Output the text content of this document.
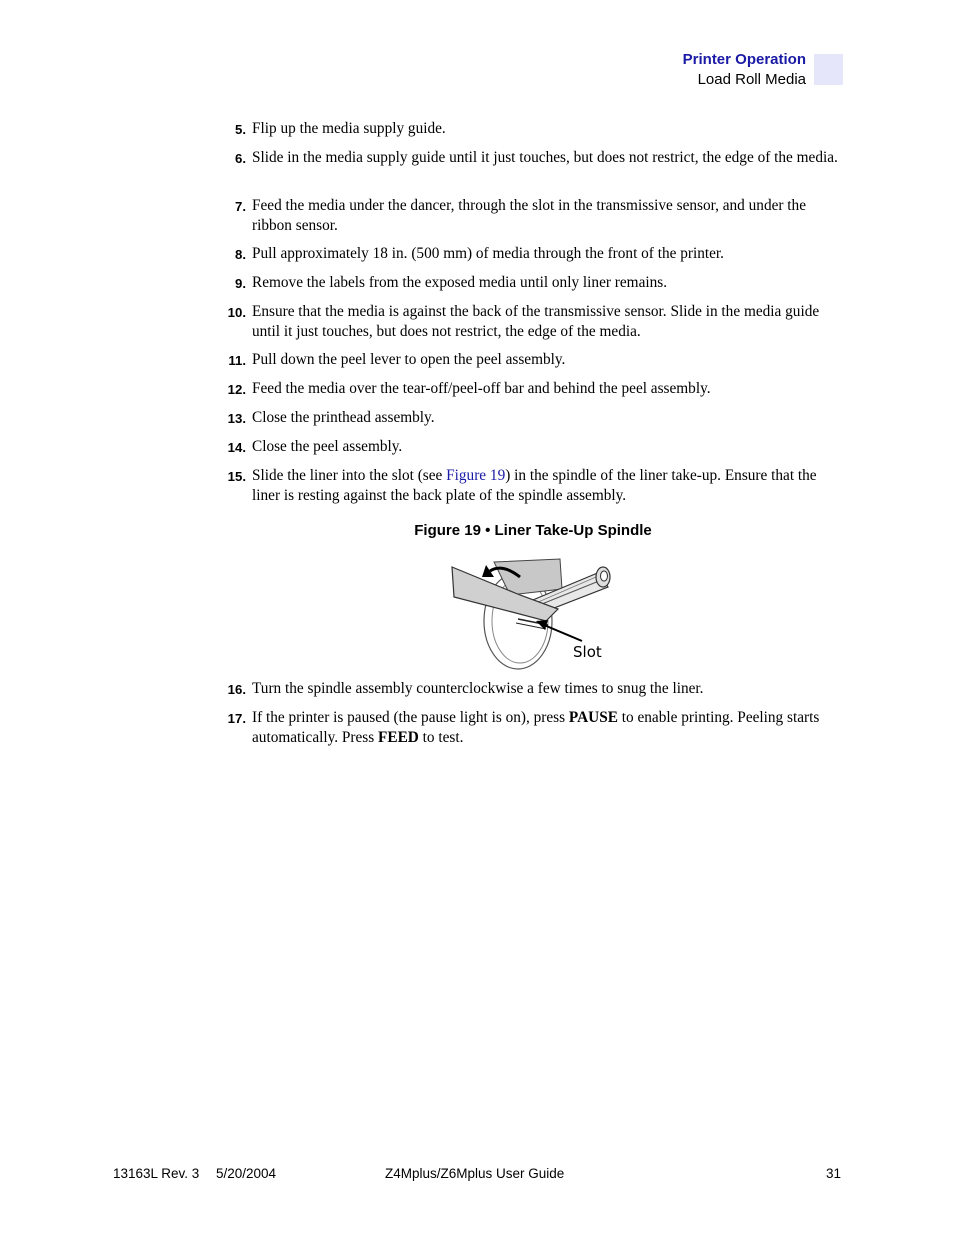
Printer Operation
Load Roll Media
5. Flip up the media supply guide.
6. Slide in the media supply guide until it just touches, but does not restrict, the edge of the media.
7. Feed the media under the dancer, through the slot in the transmissive sensor, and under the ribbon sensor.
8. Pull approximately 18 in. (500 mm) of media through the front of the printer.
9. Remove the labels from the exposed media until only liner remains.
10. Ensure that the media is against the back of the transmissive sensor. Slide in the media guide until it just touches, but does not restrict, the edge of the media.
11. Pull down the peel lever to open the peel assembly.
12. Feed the media over the tear-off/peel-off bar and behind the peel assembly.
13. Close the printhead assembly.
14. Close the peel assembly.
15. Slide the liner into the slot (see Figure 19) in the spindle of the liner take-up. Ensure that the liner is resting against the back plate of the spindle assembly.
Figure 19 • Liner Take-Up Spindle
Slot
16. Turn the spindle assembly counterclockwise a few times to snug the liner.
17. If the printer is paused (the pause light is on), press PAUSE to enable printing. Peeling starts automatically. Press FEED to test.
13163L Rev. 3 5/20/2004	Z4Mplus/Z6Mplus User Guide	31
